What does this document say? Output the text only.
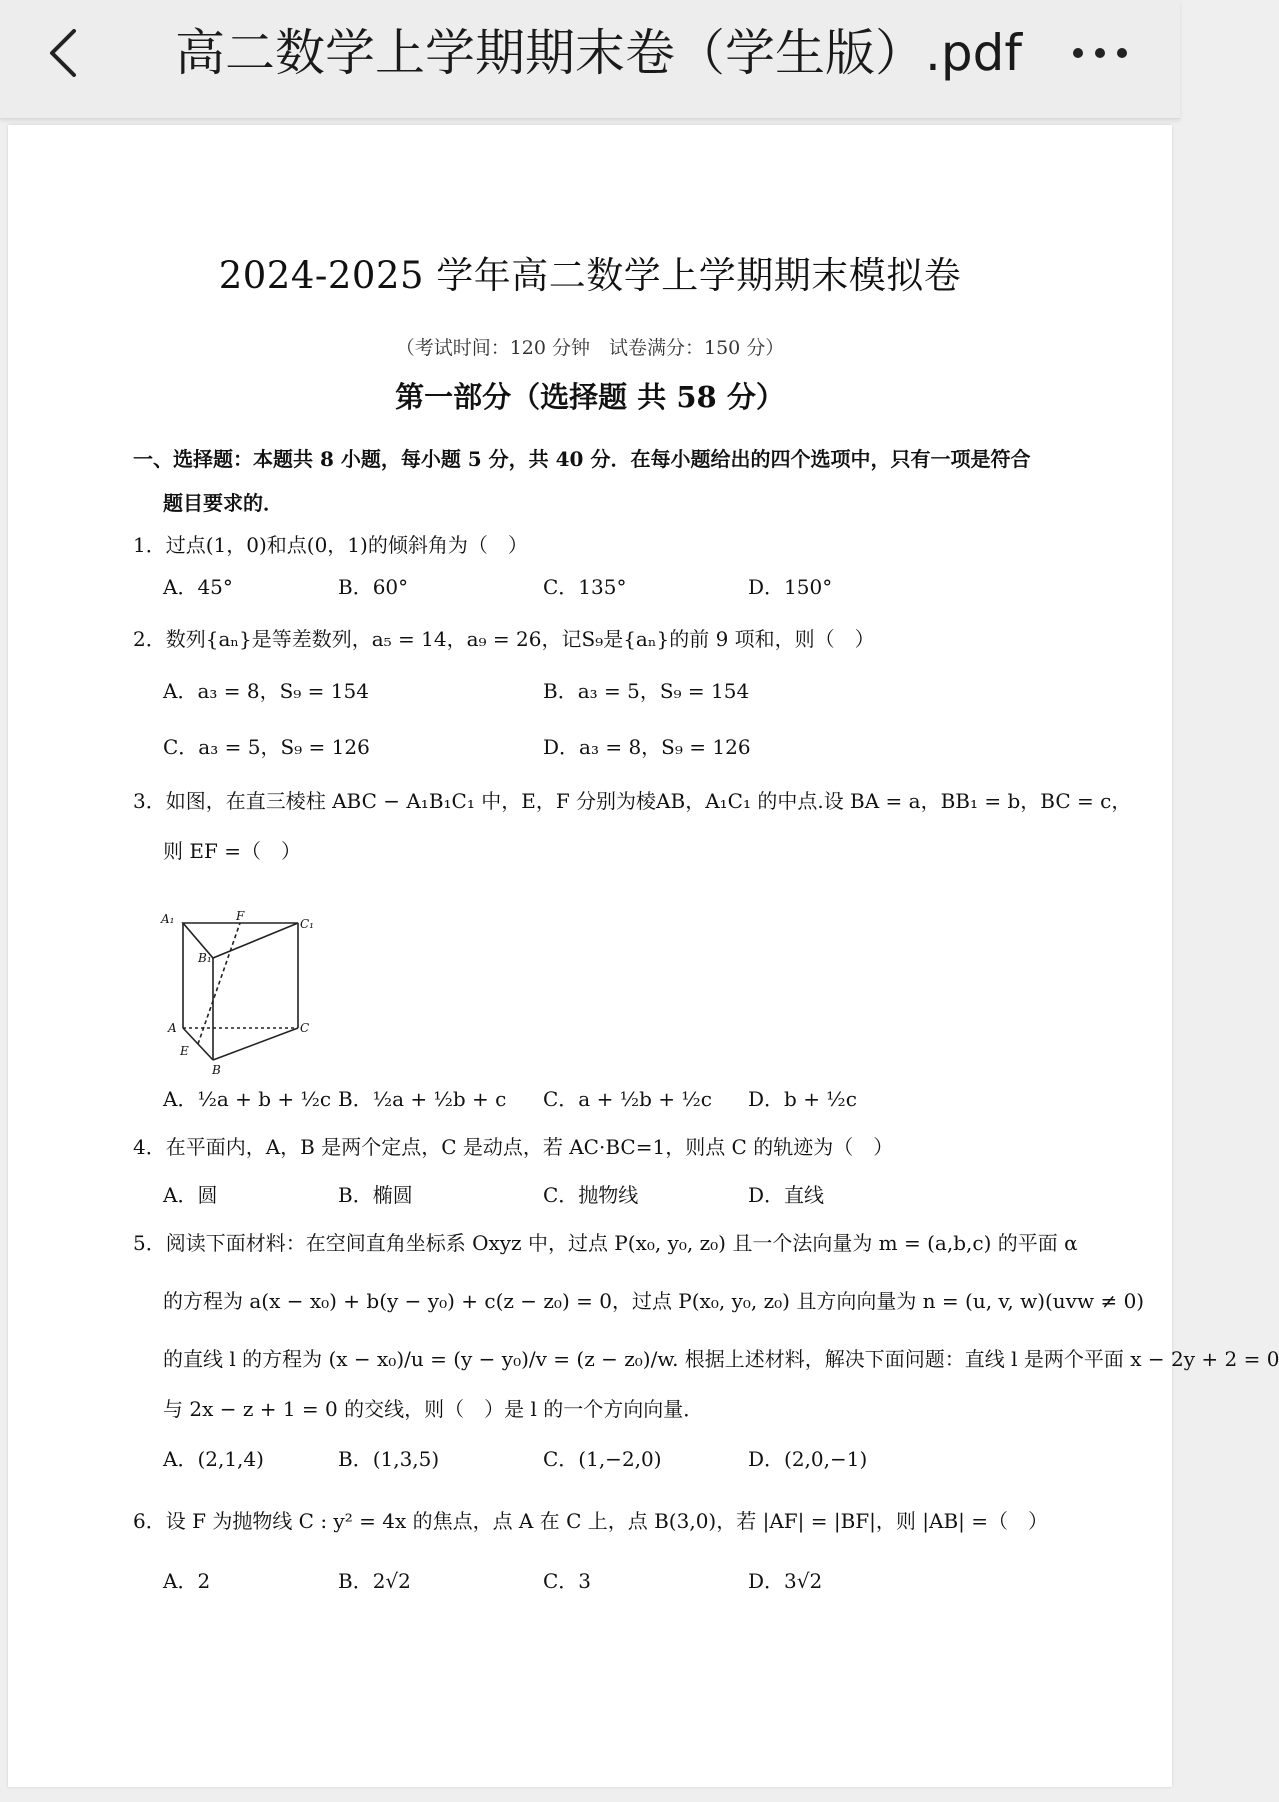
高二数学上学期期末卷（学生版）.pdf
2024-2025 学年高二数学上学期期末模拟卷
（考试时间：120 分钟　试卷满分：150 分）
第一部分（选择题 共 58 分）
一、选择题：本题共 8 小题，每小题 5 分，共 40 分．在每小题给出的四个选项中，只有一项是符合
题目要求的．
1．过点(1，0)和点(0，1)的倾斜角为（　）
A．45°	B．60°	C．135°	D．150°
2．数列{aₙ}是等差数列，a₅ = 14，a₉ = 26，记S₉是{aₙ}的前 9 项和，则（　）
A．a₃ = 8，S₉ = 154	B．a₃ = 5，S₉ = 154
C．a₃ = 5，S₉ = 126	D．a₃ = 8，S₉ = 126
3．如图，在直三棱柱 ABC − A₁B₁C₁ 中，E，F 分别为棱AB，A₁C₁ 的中点.设 BA = a，BB₁ = b，BC = c，
则 EF =（　）
A₁	F
C₁
B₁
A	C
E
B
A．½a + b + ½c B．½a + ½b + c C．a + ½b + ½c D．b + ½c
4．在平面内，A，B 是两个定点，C 是动点，若 AC·BC=1，则点 C 的轨迹为（　）
A．圆	B．椭圆	C．抛物线	D．直线
5．阅读下面材料：在空间直角坐标系 Oxyz 中，过点 P(x₀, y₀, z₀) 且一个法向量为 m = (a,b,c) 的平面 α
的方程为 a(x − x₀) + b(y − y₀) + c(z − z₀) = 0，过点 P(x₀, y₀, z₀) 且方向向量为 n = (u, v, w)(uvw ≠ 0)
的直线 l 的方程为 (x − x₀)/u = (y − y₀)/v = (z − z₀)/w. 根据上述材料，解决下面问题：直线 l 是两个平面 x − 2y + 2 = 0
与 2x − z + 1 = 0 的交线，则（　）是 l 的一个方向向量．
A．(2,1,4)	B．(1,3,5)	C．(1,−2,0)	D．(2,0,−1)
6．设 F 为抛物线 C : y² = 4x 的焦点，点 A 在 C 上，点 B(3,0)，若 |AF| = |BF|，则 |AB| =（　）
A．2	B．2√2	C．3	D．3√2
